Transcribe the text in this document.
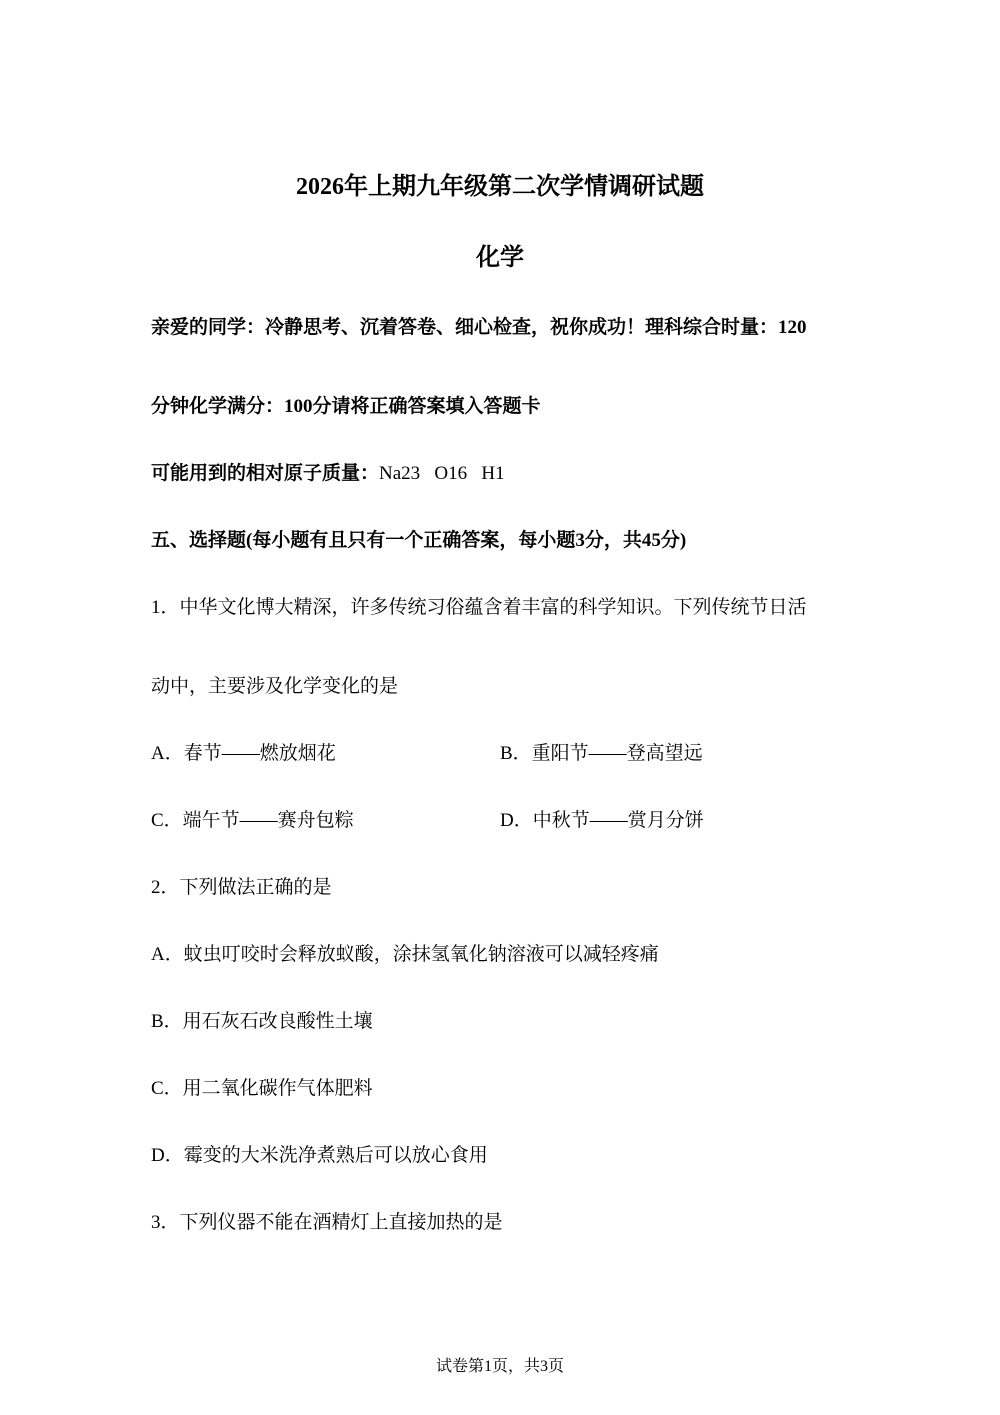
2026年上期九年级第二次学情调研试题
化学
亲爱的同学：冷静思考、沉着答卷、细心检查，祝你成功！理科综合时量：120
分钟化学满分：100分请将正确答案填入答题卡
可能用到的相对原子质量：Na23   O16   H1
五、选择题(每小题有且只有一个正确答案，每小题3分，共45分)
1．中华文化博大精深，许多传统习俗蕴含着丰富的科学知识。下列传统节日活
动中，主要涉及化学变化的是
A．春节——燃放烟花	B．重阳节——登高望远
C．端午节——赛舟包粽	D．中秋节——赏月分饼
2．下列做法正确的是
A．蚊虫叮咬时会释放蚁酸，涂抹氢氧化钠溶液可以减轻疼痛
B．用石灰石改良酸性土壤
C．用二氧化碳作气体肥料
D．霉变的大米洗净煮熟后可以放心食用
3．下列仪器不能在酒精灯上直接加热的是
试卷第1页，共3页
